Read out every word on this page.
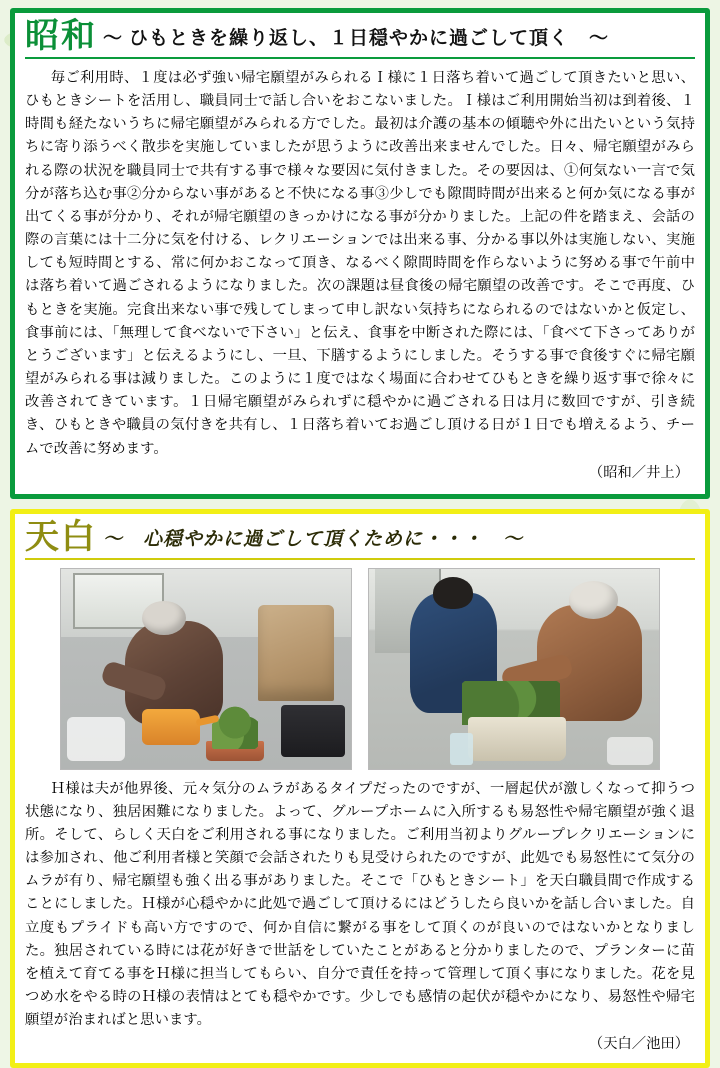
昭和 ～ ひもときを繰り返し、１日穏やかに過ごして頂く　～

毎ご利用時、１度は必ず強い帰宅願望がみられるＩ様に１日落ち着いて過ごして頂きたいと思い、ひもときシートを活用し、職員同士で話し合いをおこないました。Ｉ様はご利用開始当初は到着後、１時間も経たないうちに帰宅願望がみられる方でした。最初は介護の基本の傾聴や外に出たいという気持ちに寄り添うべく散歩を実施していましたが思うように改善出来ませんでした。日々、帰宅願望がみられる際の状況を職員同士で共有する事で様々な要因に気付きました。その要因は、①何気ない一言で気分が落ち込む事②分からない事があると不快になる事③少しでも隙間時間が出来ると何か気になる事が出てくる事が分かり、それが帰宅願望のきっかけになる事が分かりました。上記の件を踏まえ、会話の際の言葉には十二分に気を付ける、レクリエーションでは出来る事、分かる事以外は実施しない、実施しても短時間とする、常に何かおこなって頂き、なるべく隙間時間を作らないように努める事で午前中は落ち着いて過ごされるようになりました。次の課題は昼食後の帰宅願望の改善です。そこで再度、ひもときを実施。完食出来ない事で残してしまって申し訳ない気持ちになられるのではないかと仮定し、食事前には、「無理して食べないで下さい」と伝え、食事を中断された際には、「食べて下さってありがとうございます」と伝えるようにし、一旦、下膳するようにしました。そうする事で食後すぐに帰宅願望がみられる事は減りました。このように１度ではなく場面に合わせてひもときを繰り返す事で徐々に改善されてきています。１日帰宅願望がみられずに穏やかに過ごされる日は月に数回ですが、引き続き、ひもときや職員の気付きを共有し、１日落ち着いてお過ごし頂ける日が１日でも増えるよう、チームで改善に努めます。

（昭和／井上）
天白 ～　心穏やかに過ごして頂くために・・・　～

Ｈ様は夫が他界後、元々気分のムラがあるタイプだったのですが、一層起伏が激しくなって抑うつ状態になり、独居困難になりました。よって、グループホームに入所するも易怒性や帰宅願望が強く退所。そして、らしく天白をご利用される事になりました。ご利用当初よりグループレクリエーションには参加され、他ご利用者様と笑顔で会話されたりも見受けられたのですが、此処でも易怒性にて気分のムラが有り、帰宅願望も強く出る事がありました。そこで「ひもときシート」を天白職員間で作成することにしました。Ｈ様が心穏やかに此処で過ごして頂けるにはどうしたら良いかを話し合いました。自立度もプライドも高い方ですので、何か自信に繋がる事をして頂くのが良いのではないかとなりました。独居されている時には花が好きで世話をしていたことがあると分かりましたので、プランターに苗を植えて育てる事をＨ様に担当してもらい、自分で責任を持って管理して頂く事になりました。花を見つめ水をやる時のＨ様の表情はとても穏やかです。少しでも感情の起伏が穏やかになり、易怒性や帰宅願望が治まればと思います。

（天白／池田）
